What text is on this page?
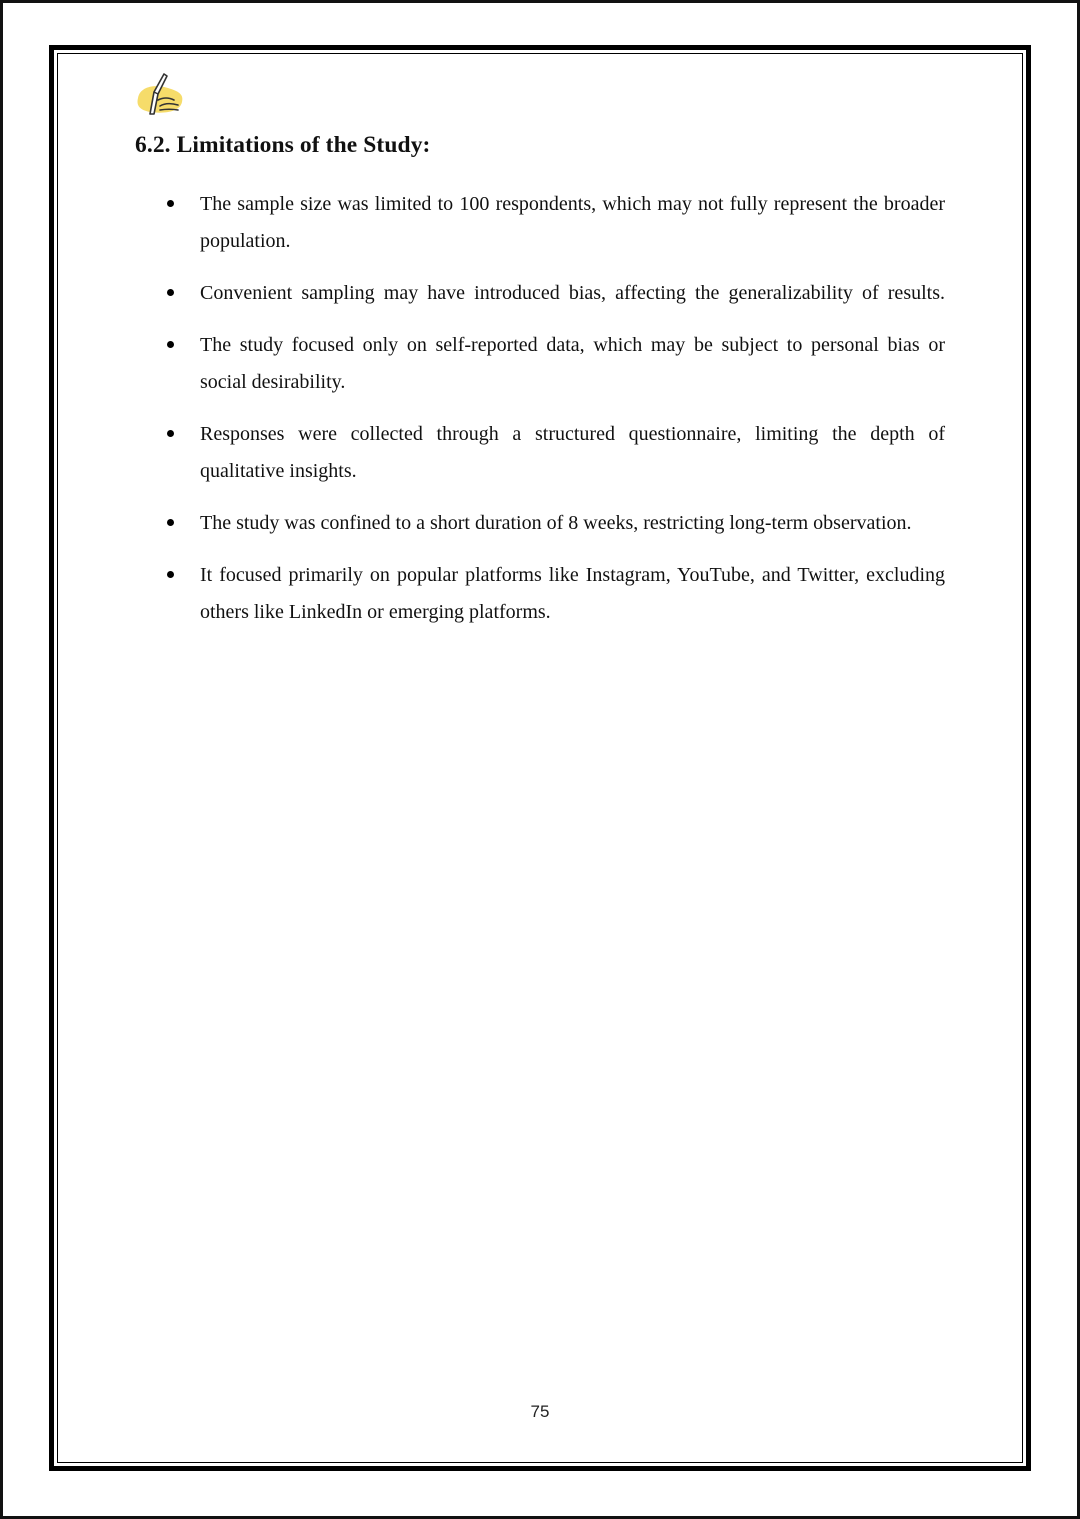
6.2. Limitations of the Study:
The sample size was limited to 100 respondents, which may not fully represent the broader population.
Convenient sampling may have introduced bias, affecting the generalizability of results.
The study focused only on self-reported data, which may be subject to personal bias or social desirability.
Responses were collected through a structured questionnaire, limiting the depth of qualitative insights.
The study was confined to a short duration of 8 weeks, restricting long-term observation.
It focused primarily on popular platforms like Instagram, YouTube, and Twitter, excluding others like LinkedIn or emerging platforms.
75
